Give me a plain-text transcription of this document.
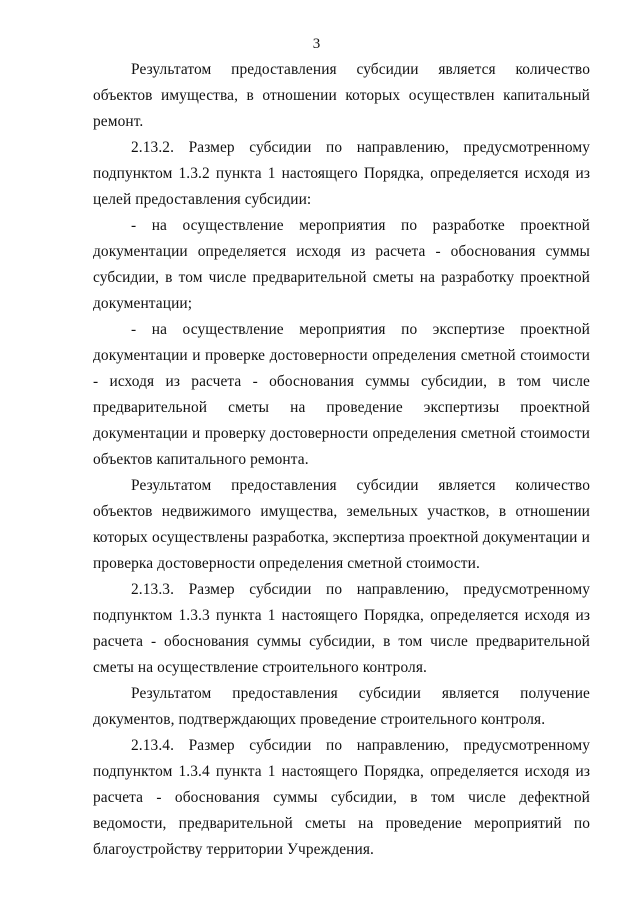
3

Результатом предоставления субсидии является количество объектов имущества, в отношении которых осуществлен капитальный ремонт.

2.13.2. Размер субсидии по направлению, предусмотренному подпунктом 1.3.2 пункта 1 настоящего Порядка, определяется исходя из целей предоставления субсидии:

- на осуществление мероприятия по разработке проектной документации определяется исходя из расчета - обоснования суммы субсидии, в том числе предварительной сметы на разработку проектной документации;

- на осуществление мероприятия по экспертизе проектной документации и проверке достоверности определения сметной стоимости - исходя из расчета - обоснования суммы субсидии, в том числе предварительной сметы на проведение экспертизы проектной документации и проверку достоверности определения сметной стоимости объектов капитального ремонта.

Результатом предоставления субсидии является количество объектов недвижимого имущества, земельных участков, в отношении которых осуществлены разработка, экспертиза проектной документации и проверка достоверности определения сметной стоимости.

2.13.3. Размер субсидии по направлению, предусмотренному подпунктом 1.3.3 пункта 1 настоящего Порядка, определяется исходя из расчета - обоснования суммы субсидии, в том числе предварительной сметы на осуществление строительного контроля.

Результатом предоставления субсидии является получение документов, подтверждающих проведение строительного контроля.

2.13.4. Размер субсидии по направлению, предусмотренному подпунктом 1.3.4 пункта 1 настоящего Порядка, определяется исходя из расчета - обоснования суммы субсидии, в том числе дефектной ведомости, предварительной сметы на проведение мероприятий по благоустройству территории Учреждения.
